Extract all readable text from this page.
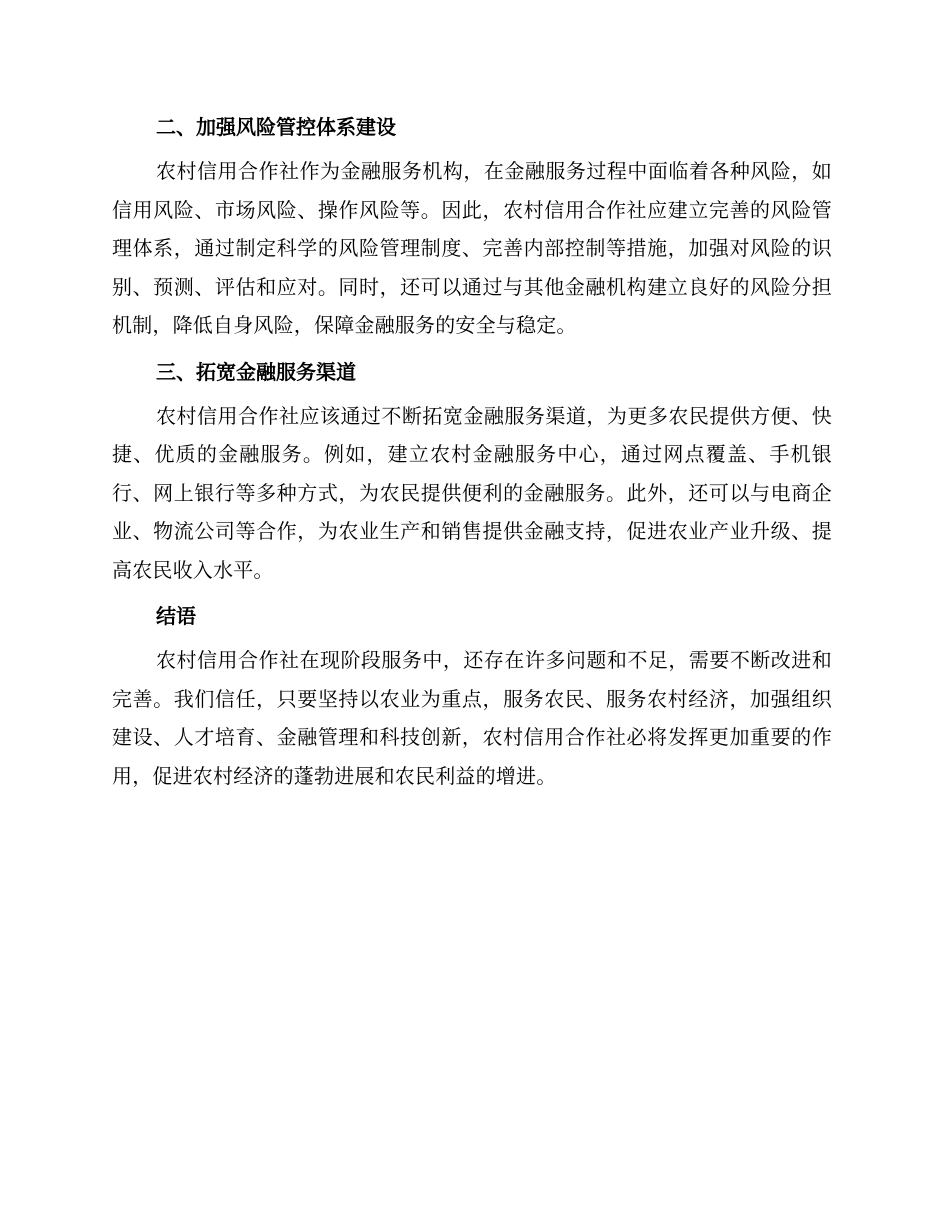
二、加强风险管控体系建设

农村信用合作社作为金融服务机构，在金融服务过程中面临着各种风险，如信用风险、市场风险、操作风险等。因此，农村信用合作社应建立完善的风险管理体系，通过制定科学的风险管理制度、完善内部控制等措施，加强对风险的识别、预测、评估和应对。同时，还可以通过与其他金融机构建立良好的风险分担机制，降低自身风险，保障金融服务的安全与稳定。

三、拓宽金融服务渠道

农村信用合作社应该通过不断拓宽金融服务渠道，为更多农民提供方便、快捷、优质的金融服务。例如，建立农村金融服务中心，通过网点覆盖、手机银行、网上银行等多种方式，为农民提供便利的金融服务。此外，还可以与电商企业、物流公司等合作，为农业生产和销售提供金融支持，促进农业产业升级、提高农民收入水平。

结语

农村信用合作社在现阶段服务中，还存在许多问题和不足，需要不断改进和完善。我们信任，只要坚持以农业为重点，服务农民、服务农村经济，加强组织建设、人才培育、金融管理和科技创新，农村信用合作社必将发挥更加重要的作用，促进农村经济的蓬勃进展和农民利益的增进。
